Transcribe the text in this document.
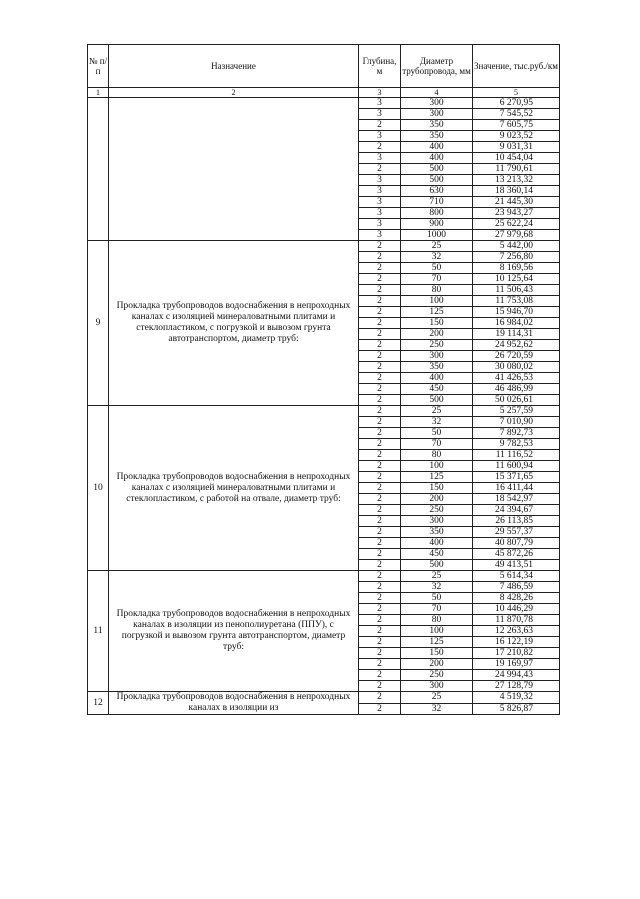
№ п/п	Назначение	Глубина, м	Диаметр трубопровода, мм	Значение, тыс.руб./км
1	2	3	4	5
		3	300	6 270,95
		3	300	7 545,52
		2	350	7 605,75
		3	350	9 023,52
		2	400	9 031,31
		3	400	10 454,04
		2	500	11 790,61
		3	500	13 213,32
		3	630	18 360,14
		3	710	21 445,30
		3	800	23 943,27
		3	900	25 622,24
		3	1000	27 979,68
9	Прокладка трубопроводов водоснабжения в непроходных каналах с изоляцией минераловатными плитами и стеклопластиком, с погрузкой и вывозом грунта автотранспортом, диаметр труб:	2	25	5 442,00
		2	32	7 256,80
		2	50	8 169,56
		2	70	10 125,64
		2	80	11 506,43
		2	100	11 753,08
		2	125	15 946,70
		2	150	16 984,02
		2	200	19 114,31
		2	250	24 952,62
		2	300	26 720,59
		2	350	30 080,02
		2	400	41 426,53
		2	450	46 486,99
		2	500	50 026,61
10	Прокладка трубопроводов водоснабжения в непроходных каналах с изоляцией минераловатными плитами и стеклопластиком, с работой на отвале, диаметр труб:	2	25	5 257,59
		2	32	7 010,90
		2	50	7 892,73
		2	70	9 782,53
		2	80	11 116,52
		2	100	11 600,94
		2	125	15 371,65
		2	150	16 411,44
		2	200	18 542,97
		2	250	24 394,67
		2	300	26 113,85
		2	350	29 557,37
		2	400	40 807,79
		2	450	45 872,26
		2	500	49 413,51
11	Прокладка трубопроводов водоснабжения в непроходных каналах в изоляции из пенополиуретана (ППУ), с погрузкой и вывозом грунта автотранспортом, диаметр труб:	2	25	5 614,34
		2	32	7 486,59
		2	50	8 428,26
		2	70	10 446,29
		2	80	11 870,78
		2	100	12 263,63
		2	125	16 122,19
		2	150	17 210,82
		2	200	19 169,97
		2	250	24 994,43
		2	300	27 128,79
12	Прокладка трубопроводов водоснабжения в непроходных каналах в изоляции из	2	25	4 519,32
		2	32	5 826,87
